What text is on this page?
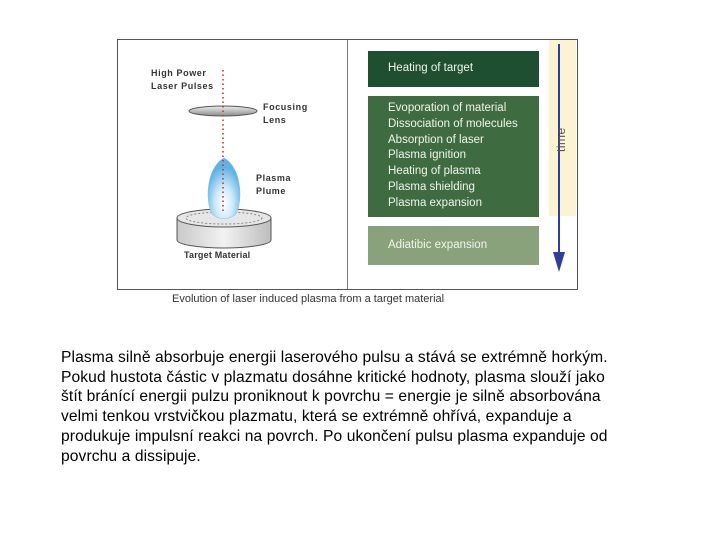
High Power
Laser Pulses
Focusing
Lens
Plasma
Plume
Target Material
Heating of target
Evoporation of material
Dissociation of molecules
Absorption of laser
Plasma ignition
Heating of plasma
Plasma shielding
Plasma expansion
Adiatibic expansion
time
Evolution of laser induced plasma from a target material
Plasma silně absorbuje energii laserového pulsu a stává se extrémně horkým.
Pokud hustota částic v plazmatu dosáhne kritické hodnoty, plasma slouží jako
štít bránící energii pulzu proniknout k povrchu = energie je silně absorbována
velmi tenkou vrstvičkou plazmatu, která se extrémně ohřívá, expanduje a
produkuje impulsní reakci na povrch. Po ukončení pulsu plasma expanduje od
povrchu a dissipuje.
